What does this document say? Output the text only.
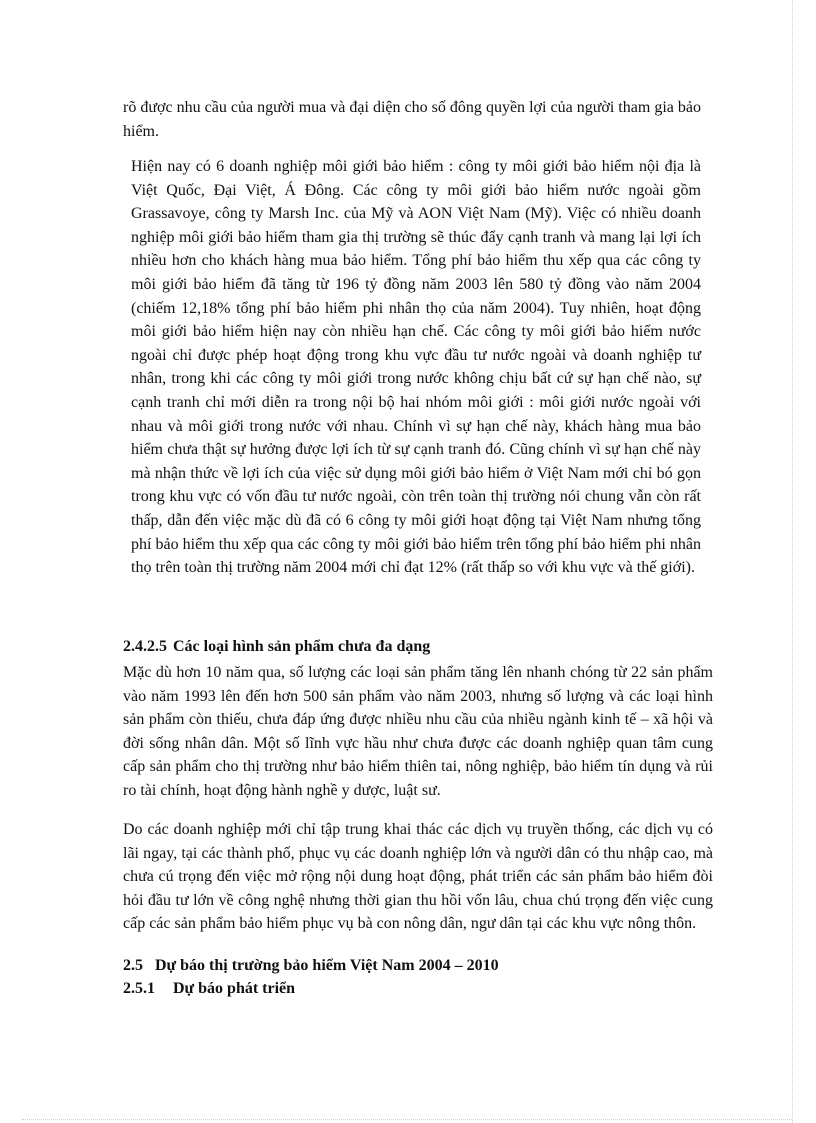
rõ được nhu cầu của người mua và đại diện cho số đông quyền lợi của người tham gia bảo hiểm.

Hiện nay có 6 doanh nghiệp môi giới bảo hiểm : công ty môi giới bảo hiểm nội địa là Việt Quốc, Đại Việt, Á Đông. Các công ty môi giới bảo hiểm nước ngoài gồm Grassavoye, công ty Marsh Inc. của Mỹ và AON Việt Nam (Mỹ). Việc có nhiều doanh nghiệp môi giới bảo hiểm tham gia thị trường sẽ thúc đẩy cạnh tranh và mang lại lợi ích nhiều hơn cho khách hàng mua bảo hiểm. Tổng phí bảo hiểm thu xếp qua các công ty môi giới bảo hiểm đã tăng từ 196 tỷ đồng năm 2003 lên 580 tỷ đồng vào năm 2004 (chiếm 12,18% tổng phí bảo hiểm phi nhân thọ của năm 2004). Tuy nhiên, hoạt động môi giới bảo hiểm hiện nay còn nhiều hạn chế. Các công ty môi giới bảo hiểm nước ngoài chỉ được phép hoạt động trong khu vực đầu tư nước ngoài và doanh nghiệp tư nhân, trong khi các công ty môi giới trong nước không chịu bất cứ sự hạn chế nào, sự cạnh tranh chỉ mới diễn ra trong nội bộ hai nhóm môi giới : môi giới nước ngoài với nhau và môi giới trong nước với nhau. Chính vì sự hạn chế này, khách hàng mua bảo hiểm chưa thật sự hưởng được lợi ích từ sự cạnh tranh đó. Cũng chính vì sự hạn chế này mà nhận thức về lợi ích của việc sử dụng môi giới bảo hiểm ở Việt Nam mới chỉ bó gọn trong khu vực có vốn đầu tư nước ngoài, còn trên toàn thị trường nói chung vẫn còn rất thấp, dẫn đến việc mặc dù đã có 6 công ty môi giới hoạt động tại Việt Nam nhưng tổng phí bảo hiểm thu xếp qua các công ty môi giới bảo hiểm trên tổng phí bảo hiểm phi nhân thọ trên toàn thị trường năm 2004 mới chỉ đạt 12% (rất thấp so với khu vực và thế giới).

2.4.2.5 Các loại hình sản phẩm chưa đa dạng

Mặc dù hơn 10 năm qua, số lượng các loại sản phẩm tăng lên nhanh chóng từ 22 sản phẩm vào năm 1993 lên đến hơn 500 sản phẩm vào năm 2003, nhưng số lượng và các loại hình sản phẩm còn thiếu, chưa đáp ứng được nhiều nhu cầu của nhiều ngành kinh tế – xã hội và đời sống nhân dân. Một số lĩnh vực hầu như chưa được các doanh nghiệp quan tâm cung cấp sản phẩm cho thị trường như bảo hiểm thiên tai, nông nghiệp, bảo hiểm tín dụng và rủi ro tài chính, hoạt động hành nghề y dược, luật sư.

Do các doanh nghiệp mới chỉ tập trung khai thác các dịch vụ truyền thống, các dịch vụ có lãi ngay, tại các thành phố, phục vụ các doanh nghiệp lớn và người dân có thu nhập cao, mà chưa cú trọng đến việc mở rộng nội dung hoạt động, phát triển các sản phẩm bảo hiểm đòi hỏi đầu tư lớn về công nghệ nhưng thời gian thu hồi vốn lâu, chua chú trọng đến việc cung cấp các sản phẩm bảo hiểm phục vụ bà con nông dân, ngư dân tại các khu vực nông thôn.

2.5 Dự báo thị trường bảo hiểm Việt Nam 2004 – 2010
2.5.1 Dự báo phát triển
